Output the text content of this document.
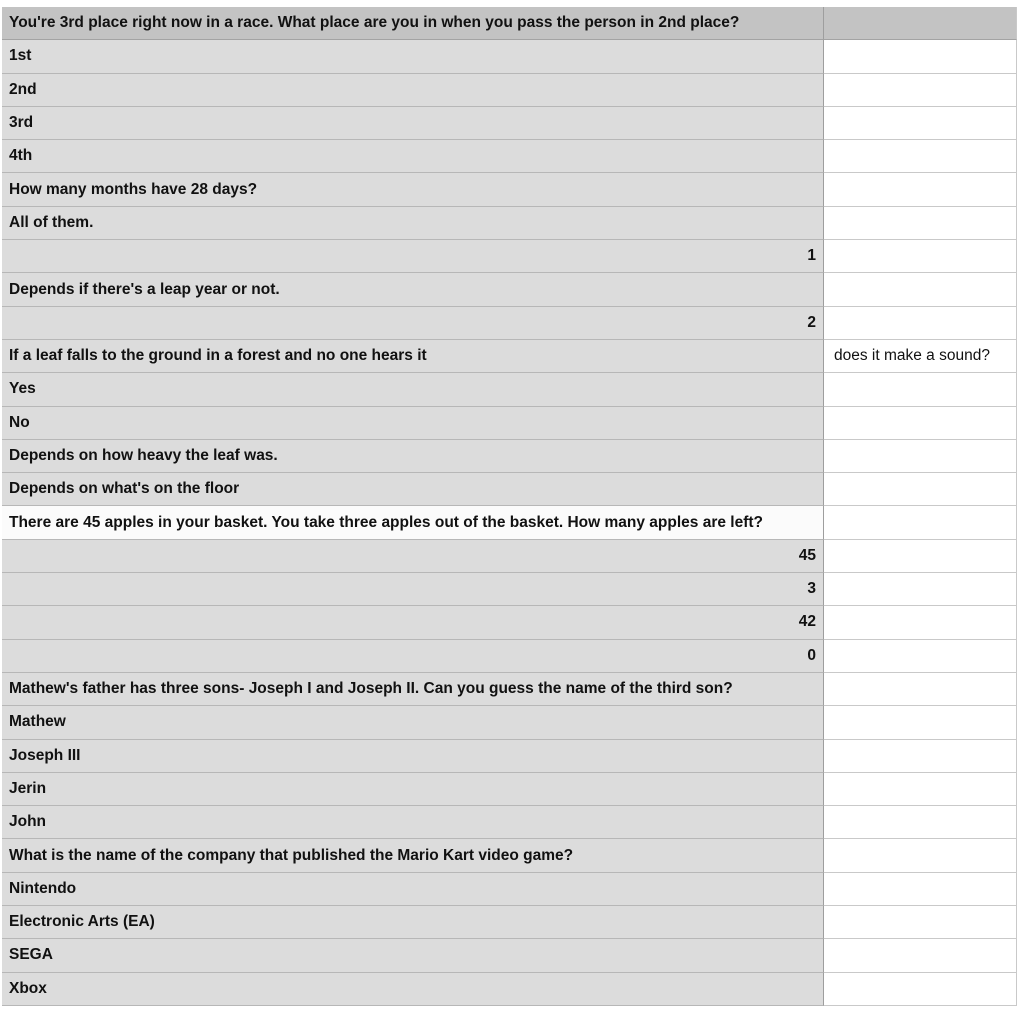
You're 3rd place right now in a race. What place are you in when you pass the person in 2nd place?
1st
2nd
3rd
4th
How many months have 28 days?
All of them.
1
Depends if there's a leap year or not.
2
If a leaf falls to the ground in a forest and no one hears it	does it make a sound?
Yes
No
Depends on how heavy the leaf was.
Depends on what's on the floor
There are 45 apples in your basket. You take three apples out of the basket. How many apples are left?
45
3
42
0
Mathew's father has three sons- Joseph I and Joseph II. Can you guess the name of the third son?
Mathew
Joseph III
Jerin
John
What is the name of the company that published the Mario Kart video game?
Nintendo
Electronic Arts (EA)
SEGA
Xbox
